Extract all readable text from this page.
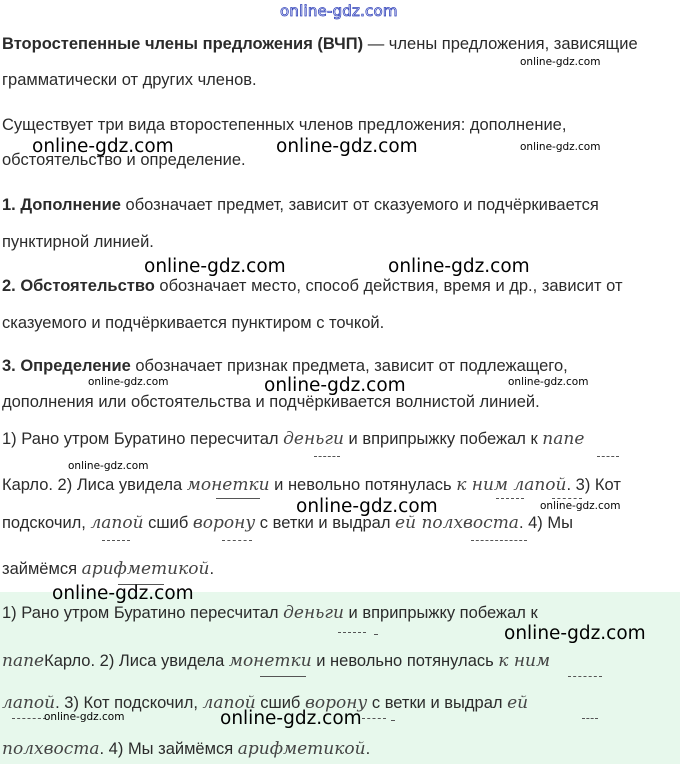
online-gdz.com
Второстепенные члены предложения (ВЧП) — члены предложения, зависящие
грамматически от других членов.
Существует три вида второстепенных членов предложения: дополнение,
обстоятельство и определение.
1. Дополнение обозначает предмет, зависит от сказуемого и подчёркивается
пунктирной линией.
2. Обстоятельство обозначает место, способ действия, время и др., зависит от
сказуемого и подчёркивается пунктиром с точкой.
3. Определение обозначает признак предмета, зависит от подлежащего,
дополнения или обстоятельства и подчёркивается волнистой линией.
1) Рано утром Буратино пересчитал деньги и вприпрыжку побежал к папе
Карло. 2) Лиса увидела монетки и невольно потянулась к ним лапой. 3) Кот
подскочил, лапой сшиб ворону с ветки и выдрал ей полхвоста. 4) Мы
займёмся арифметикой.
1) Рано утром Буратино пересчитал деньги и вприпрыжку побежал к
папеКарло. 2) Лиса увидела монетки и невольно потянулась к ним
лапой. 3) Кот подскочил, лапой сшиб ворону с ветки и выдрал ей
полхвоста. 4) Мы займёмся арифметикой.
online-gdz.com
online-gdz.com	online-gdz.com	online-gdz.com
online-gdz.com	online-gdz.com
online-gdz.com	online-gdz.com	online-gdz.com
online-gdz.com
online-gdz.com	online-gdz.com
online-gdz.com
online-gdz.com
online-gdz.com	online-gdz.com
